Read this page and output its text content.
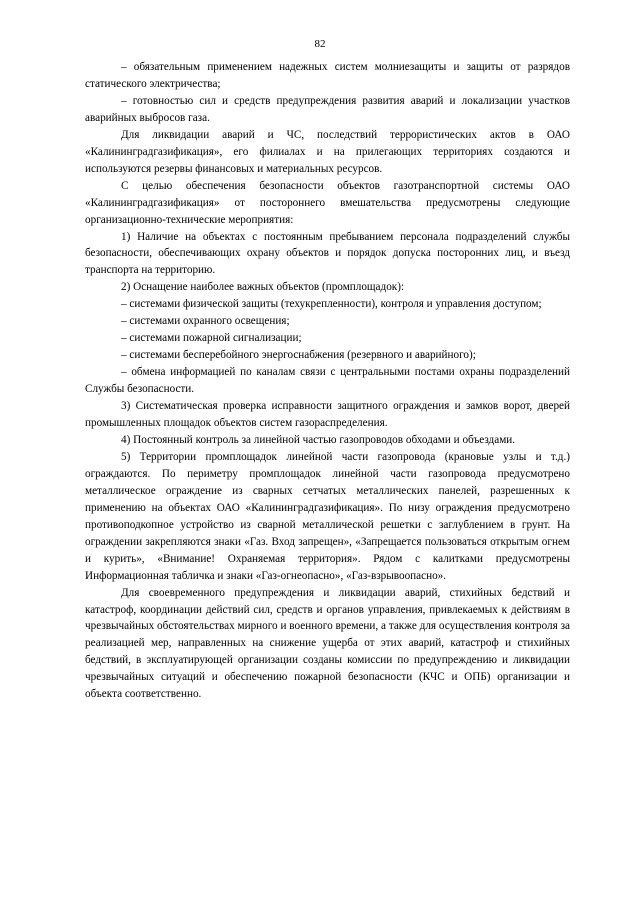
82

– обязательным применением надежных систем молниезащиты и защиты от разрядов статического электричества;

– готовностью сил и средств предупреждения развития аварий и локализации участков аварийных выбросов газа.

Для ликвидации аварий и ЧС, последствий террористических актов в ОАО «Калининградгазификация», его филиалах и на прилегающих территориях создаются и используются резервы финансовых и материальных ресурсов.

С целью обеспечения безопасности объектов газотранспортной системы ОАО «Калининградгазификация» от постороннего вмешательства предусмотрены следующие организационно-технические мероприятия:

1) Наличие на объектах с постоянным пребыванием персонала подразделений службы безопасности, обеспечивающих охрану объектов и порядок допуска посторонних лиц, и въезд транспорта на территорию.

2) Оснащение наиболее важных объектов (промплощадок):

– системами физической защиты (техукрепленности), контроля и управления доступом;

– системами охранного освещения;

– системами пожарной сигнализации;

– системами бесперебойного энергоснабжения (резервного и аварийного);

– обмена информацией по каналам связи с центральными постами охраны подразделений Службы безопасности.

3) Систематическая проверка исправности защитного ограждения и замков ворот, дверей промышленных площадок объектов систем газораспределения.

4) Постоянный контроль за линейной частью газопроводов обходами и объездами.

5) Территории промплощадок линейной части газопровода (крановые узлы и т.д.) ограждаются. По периметру промплощадок линейной части газопровода предусмотрено металлическое ограждение из сварных сетчатых металлических панелей, разрешенных к применению на объектах ОАО «Калининградгазификация». По низу ограждения предусмотрено противоподкопное устройство из сварной металлической решетки с заглублением в грунт. На ограждении закрепляются знаки «Газ. Вход запрещен», «Запрещается пользоваться открытым огнем и курить», «Внимание! Охраняемая территория». Рядом с калитками предусмотрены Информационная табличка и знаки «Газ-огнеопасно», «Газ-взрывоопасно».

Для своевременного предупреждения и ликвидации аварий, стихийных бедствий и катастроф, координации действий сил, средств и органов управления, привлекаемых к действиям в чрезвычайных обстоятельствах мирного и военного времени, а также для осуществления контроля за реализацией мер, направленных на снижение ущерба от этих аварий, катастроф и стихийных бедствий, в эксплуатирующей организации созданы комиссии по предупреждению и ликвидации чрезвычайных ситуаций и обеспечению пожарной безопасности (КЧС и ОПБ) организации и объекта соответственно.
